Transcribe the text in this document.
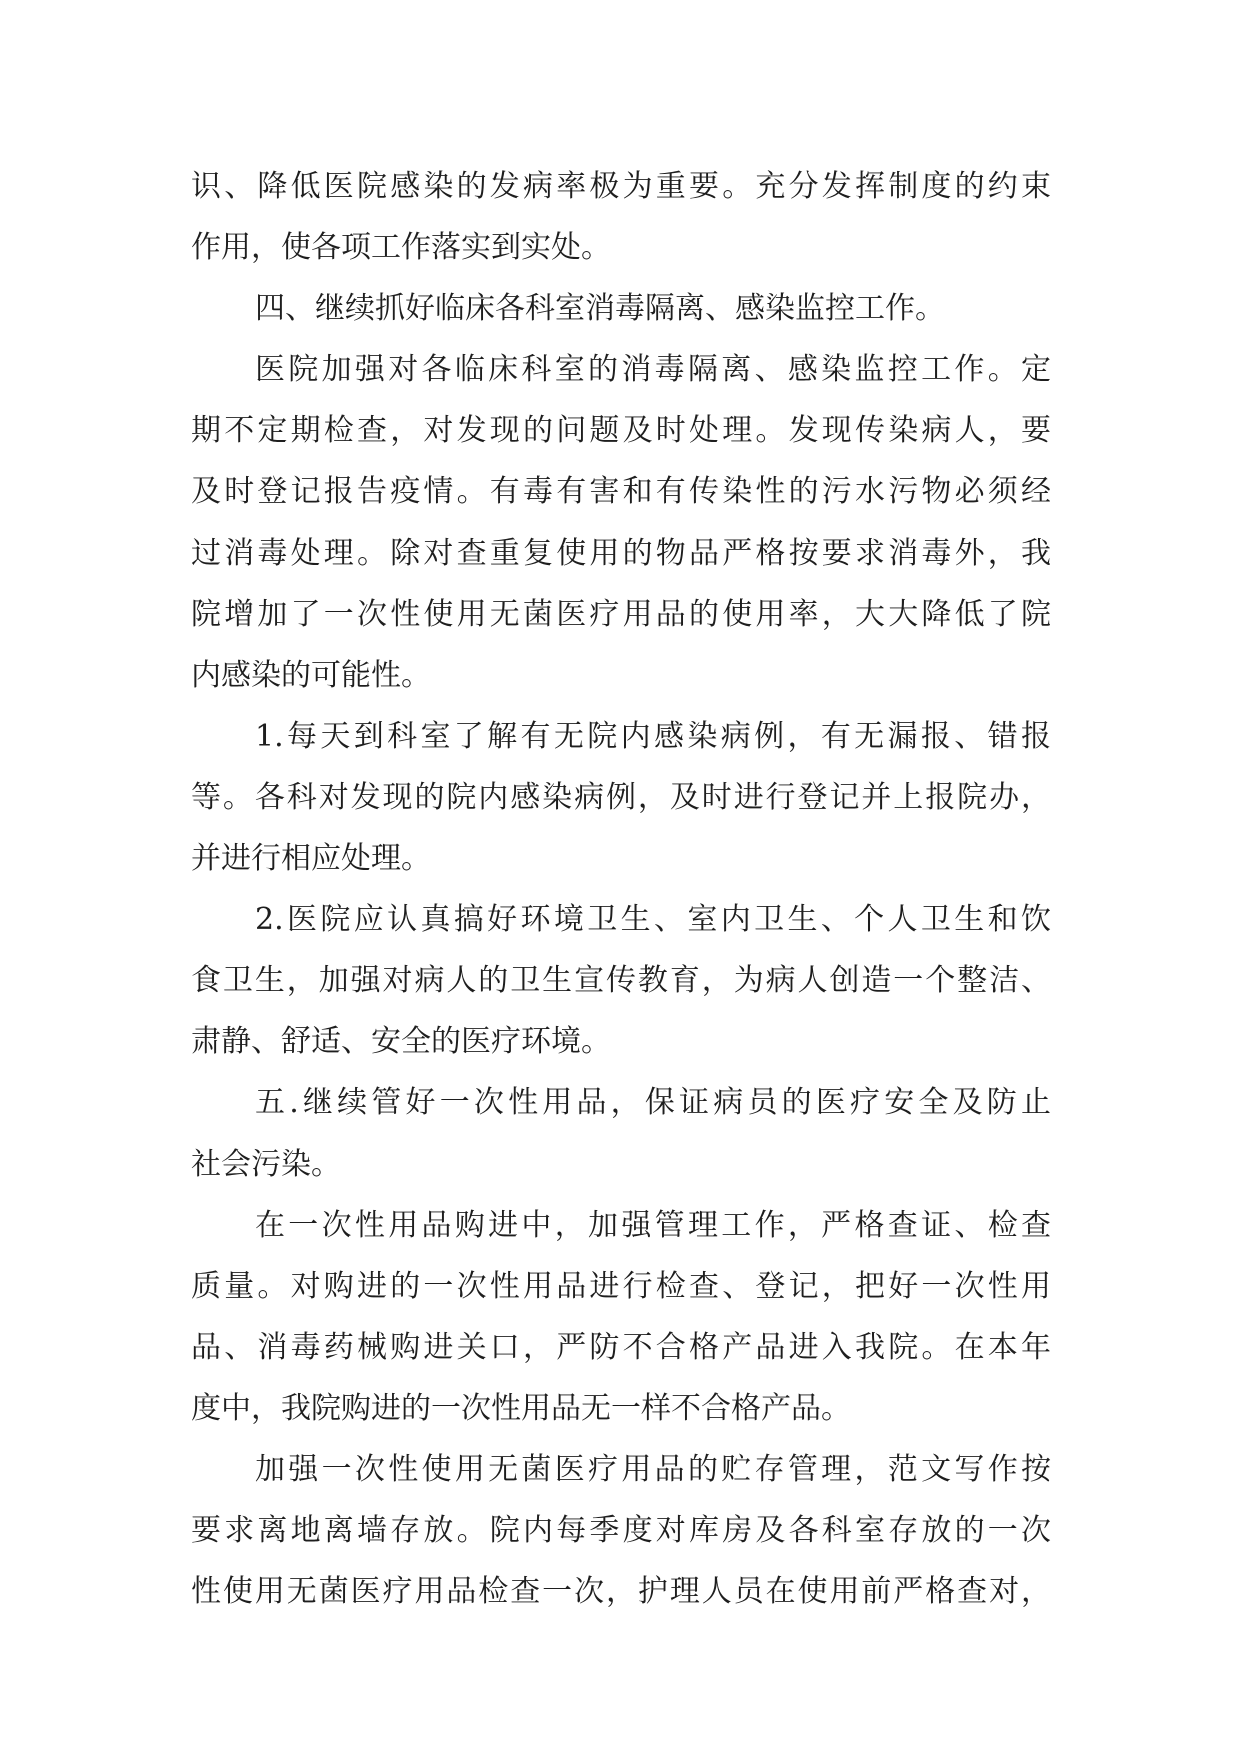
识、降低医院感染的发病率极为重要。充分发挥制度的约束
作用，使各项工作落实到实处。
四、继续抓好临床各科室消毒隔离、感染监控工作。
医院加强对各临床科室的消毒隔离、感染监控工作。定
期不定期检查，对发现的问题及时处理。发现传染病人，要
及时登记报告疫情。有毒有害和有传染性的污水污物必须经
过消毒处理。除对查重复使用的物品严格按要求消毒外，我
院增加了一次性使用无菌医疗用品的使用率，大大降低了院
内感染的可能性。
1.每天到科室了解有无院内感染病例，有无漏报、错报
等。各科对发现的院内感染病例，及时进行登记并上报院办，
并进行相应处理。
2.医院应认真搞好环境卫生、室内卫生、个人卫生和饮
食卫生，加强对病人的卫生宣传教育，为病人创造一个整洁、
肃静、舒适、安全的医疗环境。
五.继续管好一次性用品，保证病员的医疗安全及防止
社会污染。
在一次性用品购进中，加强管理工作，严格查证、检查
质量。对购进的一次性用品进行检查、登记，把好一次性用
品、消毒药械购进关口，严防不合格产品进入我院。在本年
度中，我院购进的一次性用品无一样不合格产品。
加强一次性使用无菌医疗用品的贮存管理，范文写作按
要求离地离墙存放。院内每季度对库房及各科室存放的一次
性使用无菌医疗用品检查一次，护理人员在使用前严格查对，
